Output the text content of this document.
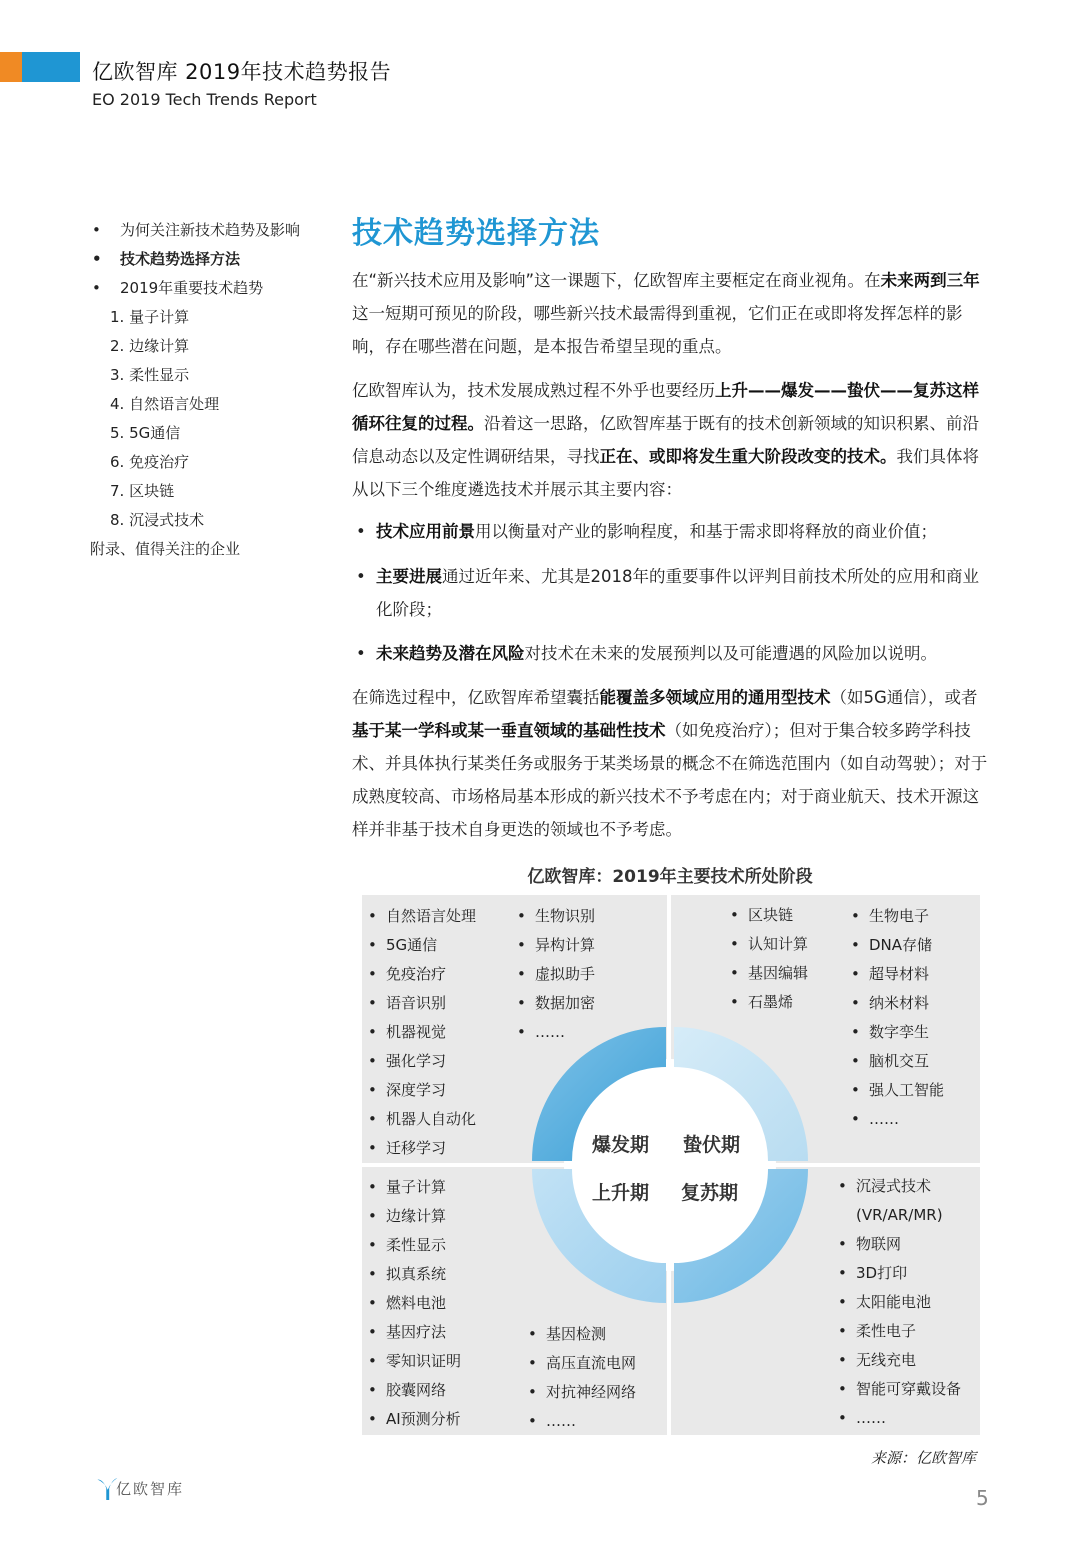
亿欧智库 2019年技术趋势报告
EO 2019 Tech Trends Report
• 为何关注新技术趋势及影响
• 技术趋势选择方法
• 2019年重要技术趋势
1. 量子计算
2. 边缘计算
3. 柔性显示
4. 自然语言处理
5. 5G通信
6. 免疫治疗
7. 区块链
8. 沉浸式技术
附录、值得关注的企业
技术趋势选择方法
在“新兴技术应用及影响”这一课题下，亿欧智库主要框定在商业视角。在未来两到三年这一短期可预见的阶段，哪些新兴技术最需得到重视，它们正在或即将发挥怎样的影响，存在哪些潜在问题，是本报告希望呈现的重点。
亿欧智库认为，技术发展成熟过程不外乎也要经历上升——爆发——蛰伏——复苏这样循环往复的过程。沿着这一思路，亿欧智库基于既有的技术创新领域的知识积累、前沿信息动态以及定性调研结果，寻找正在、或即将发生重大阶段改变的技术。我们具体将从以下三个维度遴选技术并展示其主要内容：
• 技术应用前景用以衡量对产业的影响程度，和基于需求即将释放的商业价值；
• 主要进展通过近年来、尤其是2018年的重要事件以评判目前技术所处的应用和商业化阶段；
• 未来趋势及潜在风险对技术在未来的发展预判以及可能遭遇的风险加以说明。
在筛选过程中，亿欧智库希望囊括能覆盖多领域应用的通用型技术（如5G通信），或者基于某一学科或某一垂直领域的基础性技术（如免疫治疗）；但对于集合较多跨学科技术、并具体执行某类任务或服务于某类场景的概念不在筛选范围内（如自动驾驶）；对于成熟度较高、市场格局基本形成的新兴技术不予考虑在内；对于商业航天、技术开源这样并非基于技术自身更迭的领域也不予考虑。
亿欧智库：2019年主要技术所处阶段
• 自然语言处理
• 5G通信
• 免疫治疗
• 语音识别
• 机器视觉
• 强化学习
• 深度学习
• 机器人自动化
• 迁移学习
• 生物识别
• 异构计算
• 虚拟助手
• 数据加密
• ……
• 区块链
• 认知计算
• 基因编辑
• 石墨烯
• 生物电子
• DNA存储
• 超导材料
• 纳米材料
• 数字孪生
• 脑机交互
• 强人工智能
• ……
• 量子计算
• 边缘计算
• 柔性显示
• 拟真系统
• 燃料电池
• 基因疗法
• 零知识证明
• 胶囊网络
• AI预测分析
• 基因检测
• 高压直流电网
• 对抗神经网络
• ……
• 沉浸式技术
(VR/AR/MR)
• 物联网
• 3D打印
• 太阳能电池
• 柔性电子
• 无线充电
• 智能可穿戴设备
• ……
爆发期 蛰伏期
上升期 复苏期
来源：亿欧智库
亿欧智库	5
